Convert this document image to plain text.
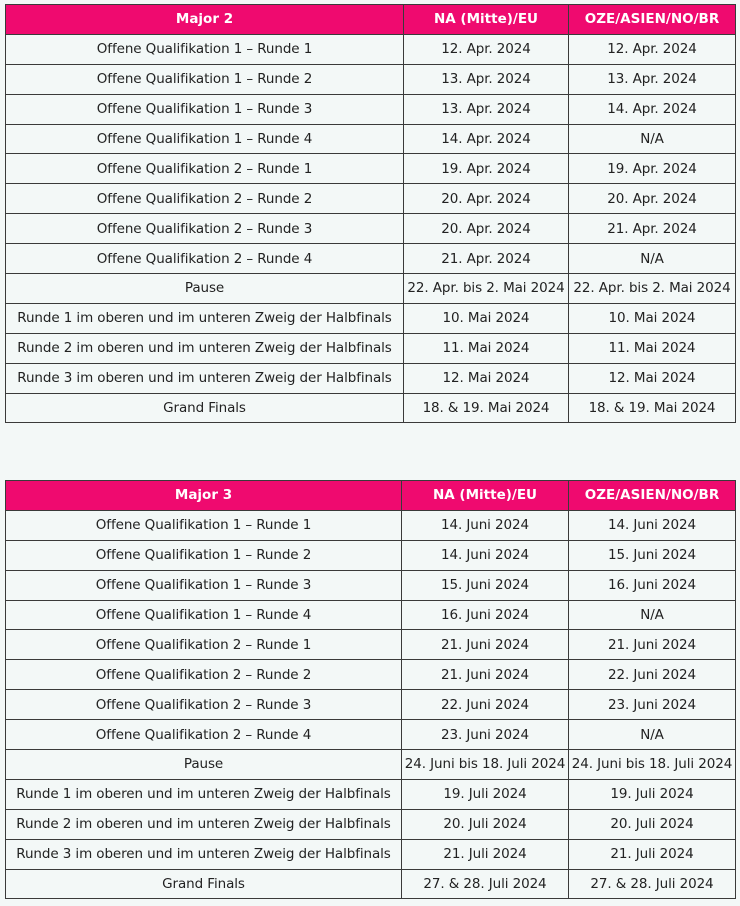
Major 2	NA (Mitte)/EU	OZE/ASIEN/NO/BR
Offene Qualifikation 1 – Runde 1	12. Apr. 2024	12. Apr. 2024
Offene Qualifikation 1 – Runde 2	13. Apr. 2024	13. Apr. 2024
Offene Qualifikation 1 – Runde 3	13. Apr. 2024	14. Apr. 2024
Offene Qualifikation 1 – Runde 4	14. Apr. 2024	N/A
Offene Qualifikation 2 – Runde 1	19. Apr. 2024	19. Apr. 2024
Offene Qualifikation 2 – Runde 2	20. Apr. 2024	20. Apr. 2024
Offene Qualifikation 2 – Runde 3	20. Apr. 2024	21. Apr. 2024
Offene Qualifikation 2 – Runde 4	21. Apr. 2024	N/A
Pause	22. Apr. bis 2. Mai 2024	22. Apr. bis 2. Mai 2024
Runde 1 im oberen und im unteren Zweig der Halbfinals	10. Mai 2024	10. Mai 2024
Runde 2 im oberen und im unteren Zweig der Halbfinals	11. Mai 2024	11. Mai 2024
Runde 3 im oberen und im unteren Zweig der Halbfinals	12. Mai 2024	12. Mai 2024
Grand Finals	18. & 19. Mai 2024	18. & 19. Mai 2024
Major 3	NA (Mitte)/EU	OZE/ASIEN/NO/BR
Offene Qualifikation 1 – Runde 1	14. Juni 2024	14. Juni 2024
Offene Qualifikation 1 – Runde 2	14. Juni 2024	15. Juni 2024
Offene Qualifikation 1 – Runde 3	15. Juni 2024	16. Juni 2024
Offene Qualifikation 1 – Runde 4	16. Juni 2024	N/A
Offene Qualifikation 2 – Runde 1	21. Juni 2024	21. Juni 2024
Offene Qualifikation 2 – Runde 2	21. Juni 2024	22. Juni 2024
Offene Qualifikation 2 – Runde 3	22. Juni 2024	23. Juni 2024
Offene Qualifikation 2 – Runde 4	23. Juni 2024	N/A
Pause	24. Juni bis 18. Juli 2024	24. Juni bis 18. Juli 2024
Runde 1 im oberen und im unteren Zweig der Halbfinals	19. Juli 2024	19. Juli 2024
Runde 2 im oberen und im unteren Zweig der Halbfinals	20. Juli 2024	20. Juli 2024
Runde 3 im oberen und im unteren Zweig der Halbfinals	21. Juli 2024	21. Juli 2024
Grand Finals	27. & 28. Juli 2024	27. & 28. Juli 2024
